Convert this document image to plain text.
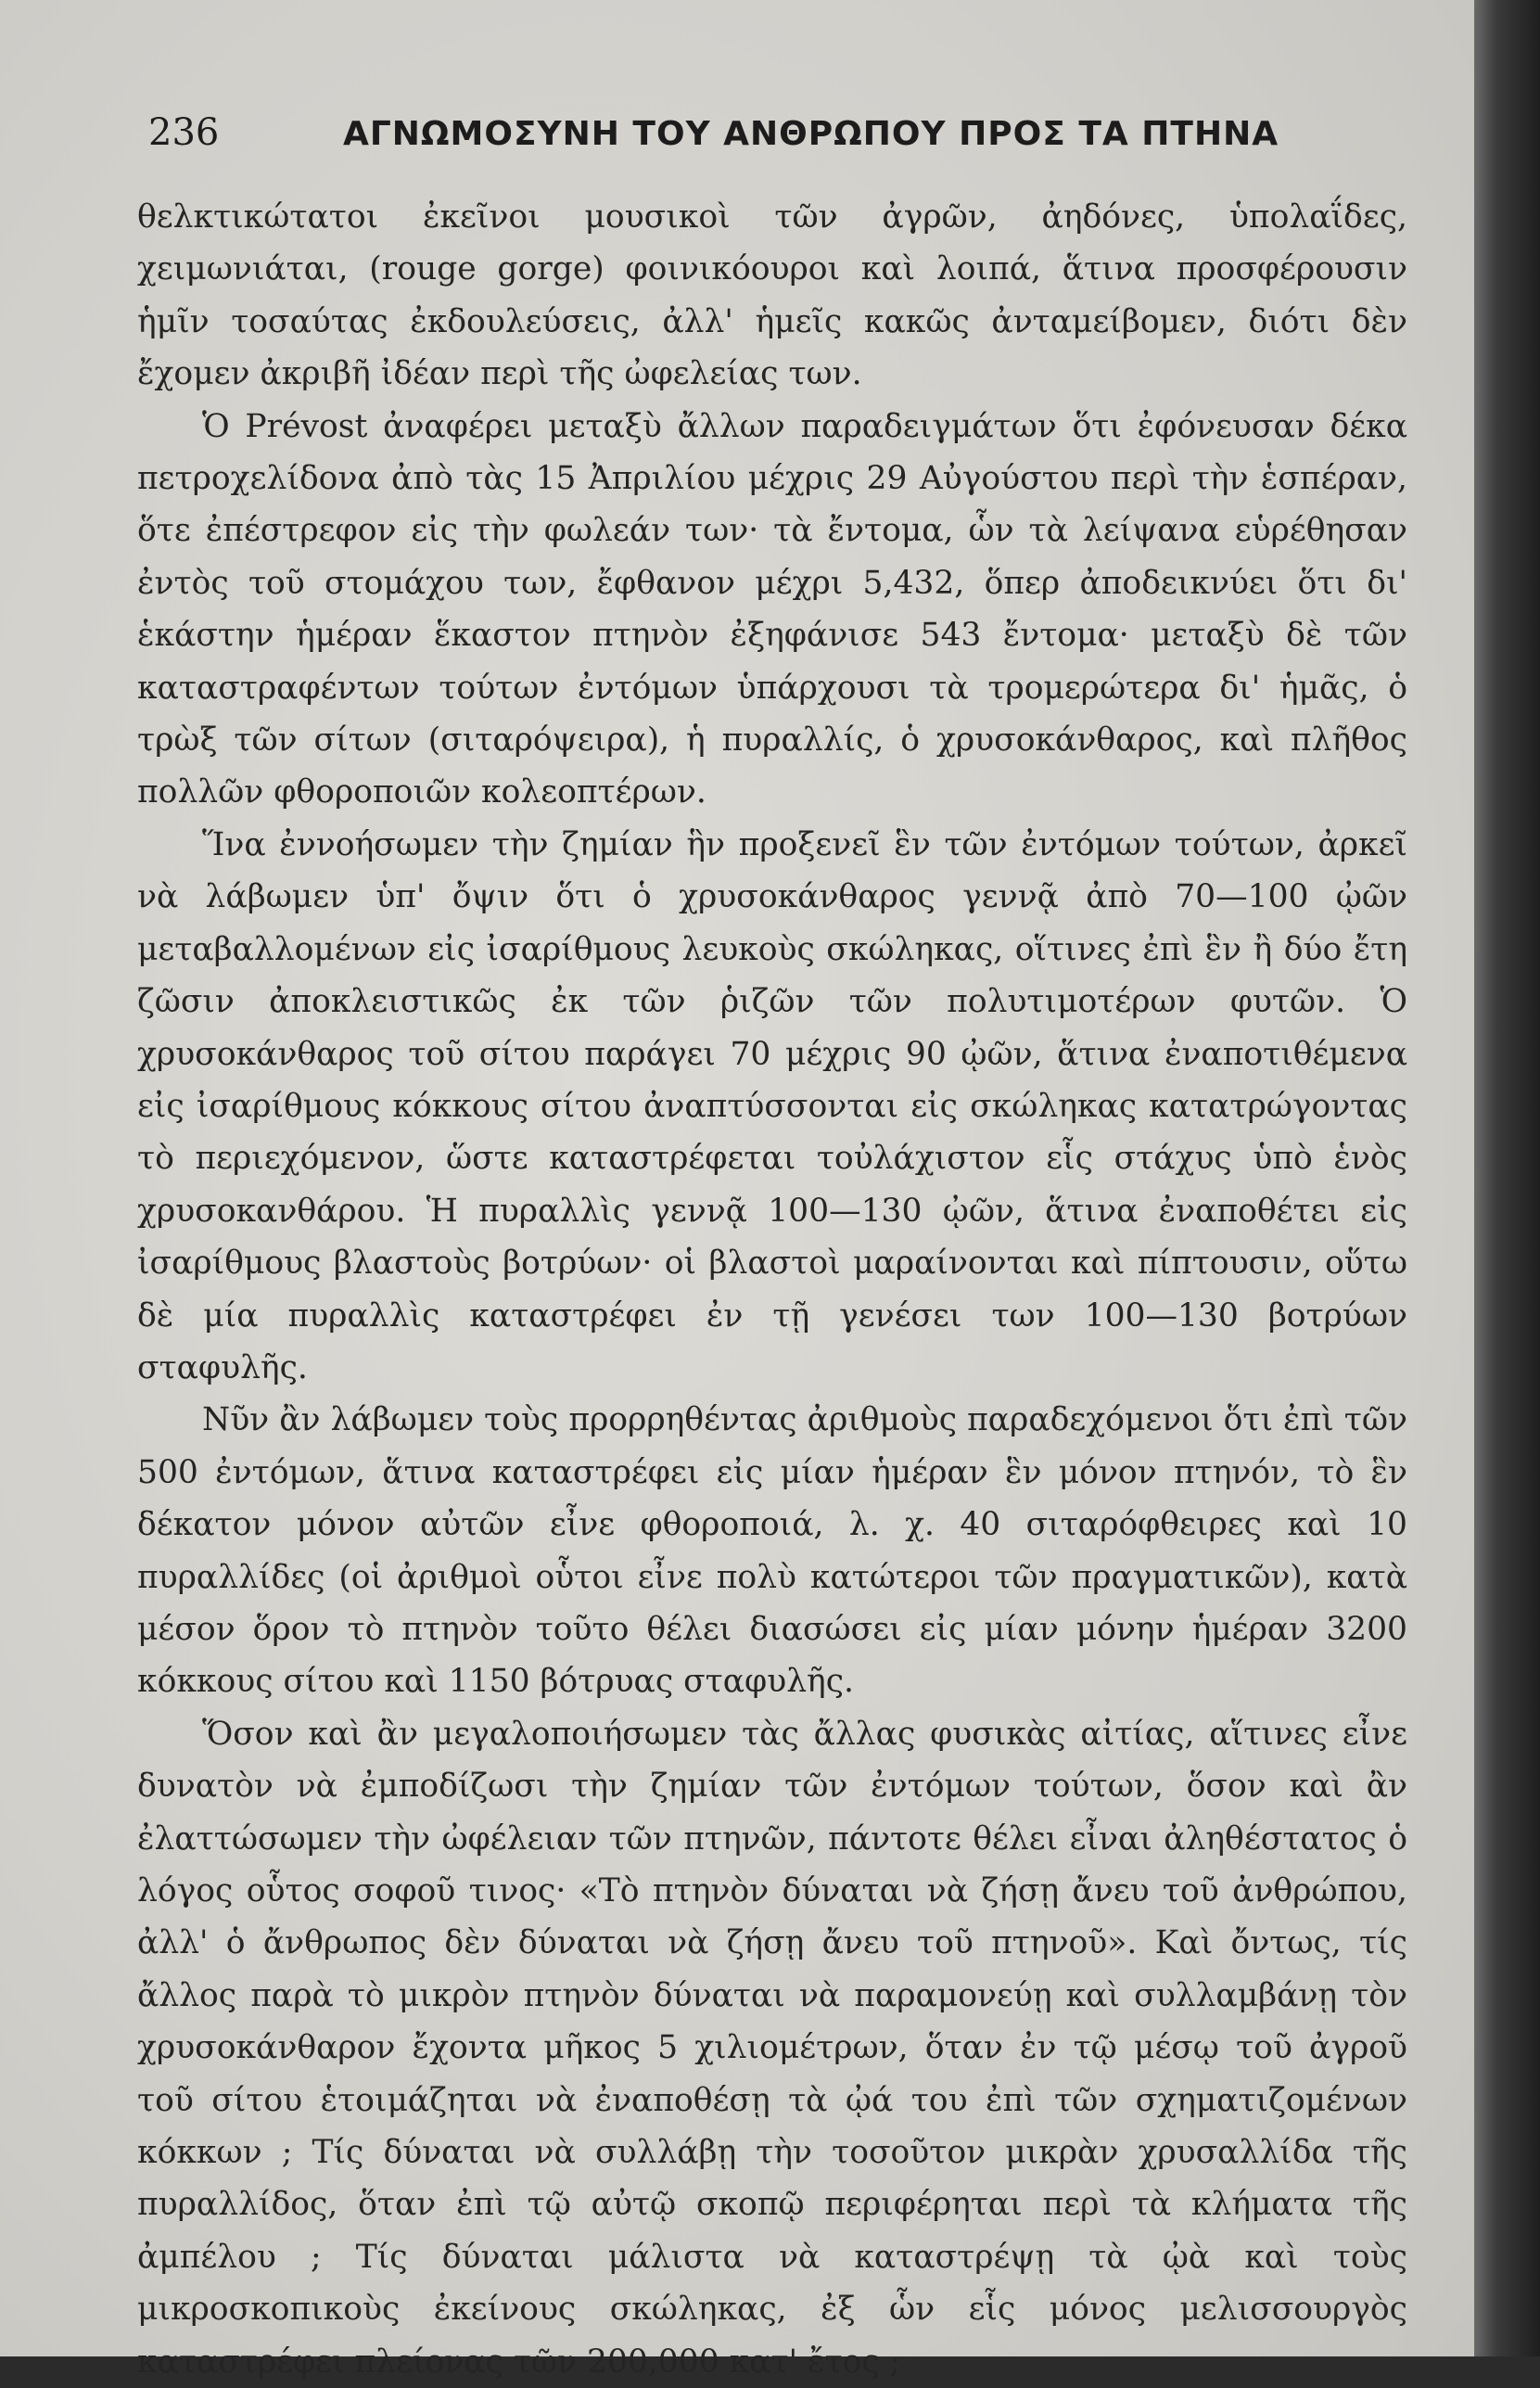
236	ΑΓΝΩΜΟΣΥΝΗ ΤΟΥ ΑΝΘΡΩΠΟΥ ΠΡΟΣ ΤΑ ΠΤΗΝΑ

θελκτικώτατοι ἐκεῖνοι μουσικοὶ τῶν ἀγρῶν, ἀηδόνες, ὑπολαΐδες, χειμωνιάται, (rouge gorge) φοινικόουροι καὶ λοιπά, ἅτινα προσφέρουσιν ἡμῖν τοσαύτας ἐκδουλεύσεις, ἀλλ' ἡμεῖς κακῶς ἀνταμείβομεν, διότι δὲν ἔχομεν ἀκριβῆ ἰδέαν περὶ τῆς ὠφελείας των.

Ὁ Prévost ἀναφέρει μεταξὺ ἄλλων παραδειγμάτων ὅτι ἐφόνευσαν δέκα πετροχελίδονα ἀπὸ τὰς 15 Ἀπριλίου μέχρις 29 Αὐγούστου περὶ τὴν ἑσπέραν, ὅτε ἐπέστρεφον εἰς τὴν φωλεάν των· τὰ ἔντομα, ὧν τὰ λείψανα εὑρέθησαν ἐντὸς τοῦ στομάχου των, ἔφθανον μέχρι 5,432, ὅπερ ἀποδεικνύει ὅτι δι' ἑκάστην ἡμέραν ἕκαστον πτηνὸν ἐξηφάνισε 543 ἔντομα· μεταξὺ δὲ τῶν καταστραφέντων τούτων ἐντόμων ὑπάρχουσι τὰ τρομερώτερα δι' ἡμᾶς, ὁ τρὼξ τῶν σίτων (σιταρόψειρα), ἡ πυραλλίς, ὁ χρυσοκάνθαρος, καὶ πλῆθος πολλῶν φθοροποιῶν κολεοπτέρων.

Ἵνα ἐννοήσωμεν τὴν ζημίαν ἣν προξενεῖ ἓν τῶν ἐντόμων τούτων, ἀρκεῖ νὰ λάβωμεν ὑπ' ὄψιν ὅτι ὁ χρυσοκάνθαρος γεννᾷ ἀπὸ 70—100 ᾠῶν μεταβαλλομένων εἰς ἰσαρίθμους λευκοὺς σκώληκας, οἵτινες ἐπὶ ἓν ἢ δύο ἔτη ζῶσιν ἀποκλειστικῶς ἐκ τῶν ῥιζῶν τῶν πολυτιμοτέρων φυτῶν. Ὁ χρυσοκάνθαρος τοῦ σίτου παράγει 70 μέχρις 90 ᾠῶν, ἅτινα ἐναποτιθέμενα εἰς ἰσαρίθμους κόκκους σίτου ἀναπτύσσονται εἰς σκώληκας κατατρώγοντας τὸ περιεχόμενον, ὥστε καταστρέφεται τοὐλάχιστον εἷς στάχυς ὑπὸ ἑνὸς χρυσοκανθάρου. Ἡ πυραλλὶς γεννᾷ 100—130 ᾠῶν, ἅτινα ἐναποθέτει εἰς ἰσαρίθμους βλαστοὺς βοτρύων· οἱ βλαστοὶ μαραίνονται καὶ πίπτουσιν, οὕτω δὲ μία πυραλλὶς καταστρέφει ἐν τῇ γενέσει των 100—130 βοτρύων σταφυλῆς.

Νῦν ἂν λάβωμεν τοὺς προρρηθέντας ἀριθμοὺς παραδεχόμενοι ὅτι ἐπὶ τῶν 500 ἐντόμων, ἅτινα καταστρέφει εἰς μίαν ἡμέραν ἓν μόνον πτηνόν, τὸ ἓν δέκατον μόνον αὐτῶν εἶνε φθοροποιά, λ. χ. 40 σιταρόφθειρες καὶ 10 πυραλλίδες (οἱ ἀριθμοὶ οὗτοι εἶνε πολὺ κατώτεροι τῶν πραγματικῶν), κατὰ μέσον ὅρον τὸ πτηνὸν τοῦτο θέλει διασώσει εἰς μίαν μόνην ἡμέραν 3200 κόκκους σίτου καὶ 1150 βότρυας σταφυλῆς.

Ὅσον καὶ ἂν μεγαλοποιήσωμεν τὰς ἄλλας φυσικὰς αἰτίας, αἵτινες εἶνε δυνατὸν νὰ ἐμποδίζωσι τὴν ζημίαν τῶν ἐντόμων τούτων, ὅσον καὶ ἂν ἐλαττώσωμεν τὴν ὠφέλειαν τῶν πτηνῶν, πάντοτε θέλει εἶναι ἀληθέστατος ὁ λόγος οὗτος σοφοῦ τινος· «Τὸ πτηνὸν δύναται νὰ ζήσῃ ἄνευ τοῦ ἀνθρώπου, ἀλλ' ὁ ἄνθρωπος δὲν δύναται νὰ ζήσῃ ἄνευ τοῦ πτηνοῦ». Καὶ ὄντως, τίς ἄλλος παρὰ τὸ μικρὸν πτηνὸν δύναται νὰ παραμονεύῃ καὶ συλλαμβάνῃ τὸν χρυσοκάνθαρον ἔχοντα μῆκος 5 χιλιομέτρων, ὅταν ἐν τῷ μέσῳ τοῦ ἀγροῦ τοῦ σίτου ἑτοιμάζηται νὰ ἐναποθέσῃ τὰ ᾠά του ἐπὶ τῶν σχηματιζομένων κόκκων ; Τίς δύναται νὰ συλλάβῃ τὴν τοσοῦτον μικρὰν χρυσαλλίδα τῆς πυραλλίδος, ὅταν ἐπὶ τῷ αὐτῷ σκοπῷ περιφέρηται περὶ τὰ κλήματα τῆς ἀμπέλου ; Τίς δύναται μάλιστα νὰ καταστρέψῃ τὰ ᾠὰ καὶ τοὺς μικροσκοπικοὺς ἐκείνους σκώληκας, ἐξ ὧν εἷς μόνος μελισσουργὸς καταστρέφει πλείονας τῶν 200,000 κατ' ἔτος ;
